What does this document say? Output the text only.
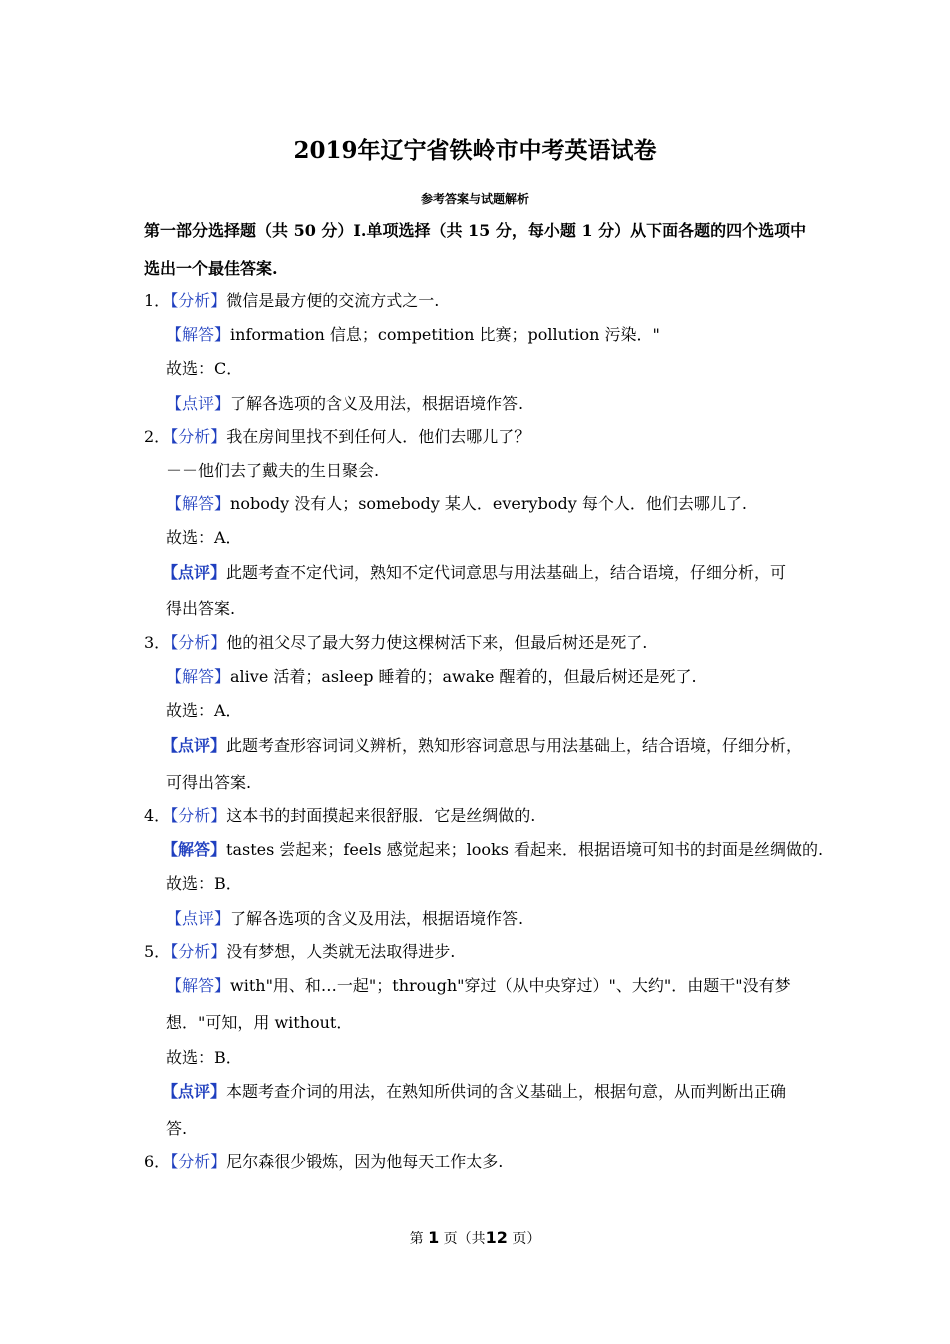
2019年辽宁省铁岭市中考英语试卷
参考答案与试题解析
第一部分选择题（共 50 分）I.单项选择（共 15 分，每小题 1 分）从下面各题的四个选项中
选出一个最佳答案.
1．【分析】微信是最方便的交流方式之一.
【解答】information 信息；competition 比赛；pollution 污染．"
故选：C．
【点评】了解各选项的含义及用法，根据语境作答.
2．【分析】我在房间里找不到任何人．他们去哪儿了？
－－他们去了戴夫的生日聚会.
【解答】nobody 没有人；somebody 某人．everybody 每个人．他们去哪儿了.
故选：A．
【点评】此题考查不定代词，熟知不定代词意思与用法基础上，结合语境，仔细分析，可
得出答案.
3．【分析】他的祖父尽了最大努力使这棵树活下来，但最后树还是死了.
【解答】alive 活着；asleep 睡着的；awake 醒着的，但最后树还是死了.
故选：A．
【点评】此题考查形容词词义辨析，熟知形容词意思与用法基础上，结合语境，仔细分析，
可得出答案.
4．【分析】这本书的封面摸起来很舒服．它是丝绸做的.
【解答】tastes 尝起来；feels 感觉起来；looks 看起来．根据语境可知书的封面是丝绸做的.
故选：B．
【点评】了解各选项的含义及用法，根据语境作答.
5．【分析】没有梦想，人类就无法取得进步.
【解答】with"用、和…一起"；through"穿过（从中央穿过）"、大约"．由题干"没有梦
想．"可知，用 without．
故选：B．
【点评】本题考查介词的用法，在熟知所供词的含义基础上，根据句意，从而判断出正确
答.
6．【分析】尼尔森很少锻炼，因为他每天工作太多.
第 1 页（共12 页）
